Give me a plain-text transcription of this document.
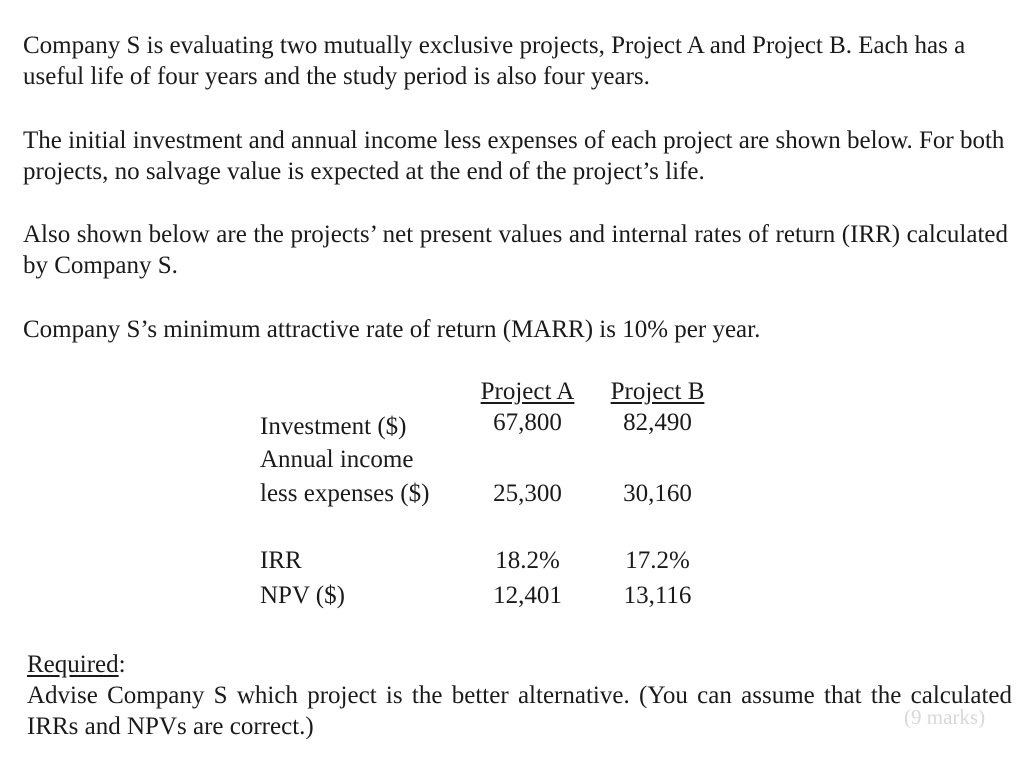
Company S is evaluating two mutually exclusive projects, Project A and Project B. Each has a useful life of four years and the study period is also four years.

The initial investment and annual income less expenses of each project are shown below. For both projects, no salvage value is expected at the end of the project’s life.

Also shown below are the projects’ net present values and internal rates of return (IRR) calculated by Company S.

Company S’s minimum attractive rate of return (MARR) is 10% per year.

Project A Project B
Investment ($)	67,800	82,490
Annual income
less expenses ($)	25,300	30,160
IRR	18.2%	17.2%
NPV ($)	12,401	13,116
Required:
Advise Company S which project is the better alternative. (You can assume that the calculated IRRs and NPVs are correct.)	(9 marks)
